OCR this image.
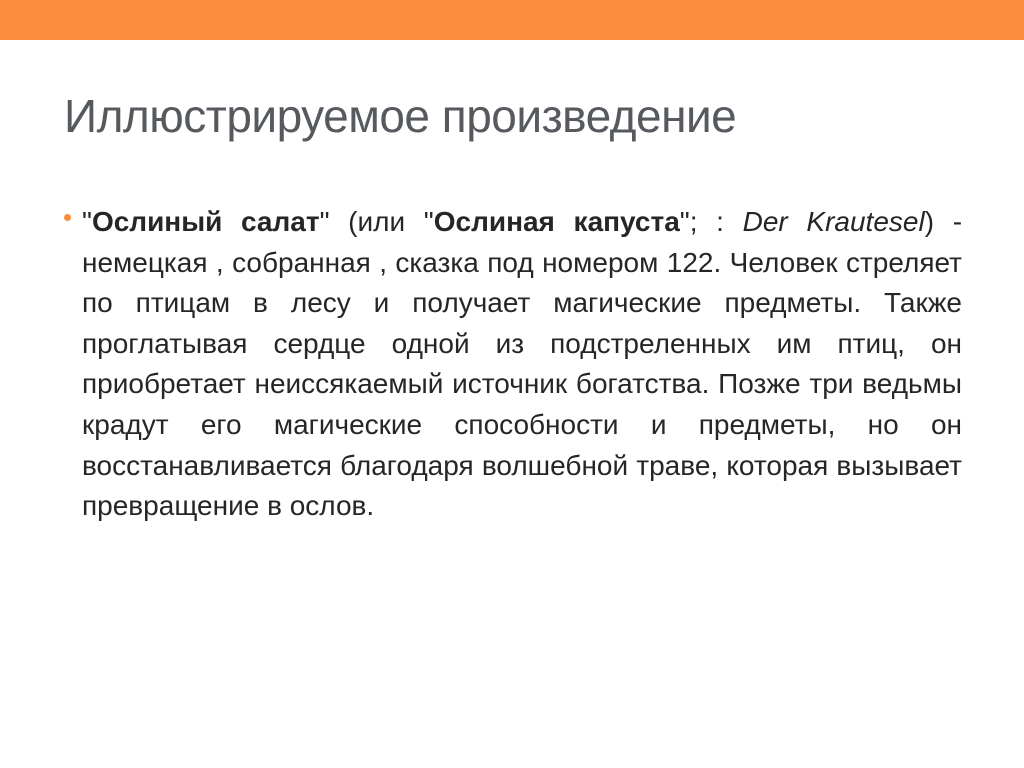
Иллюстрируемое произведение

"Ослиный салат" (или "Ослиная капуста"; : Der Krautesel) - немецкая , собранная , сказка под номером 122. Человек стреляет по птицам в лесу и получает магические предметы. Также проглатывая сердце одной из подстреленных им птиц, он приобретает неиссякаемый источник богатства. Позже три ведьмы крадут его магические способности и предметы, но он восстанавливается благодаря волшебной траве, которая вызывает превращение в ослов.
